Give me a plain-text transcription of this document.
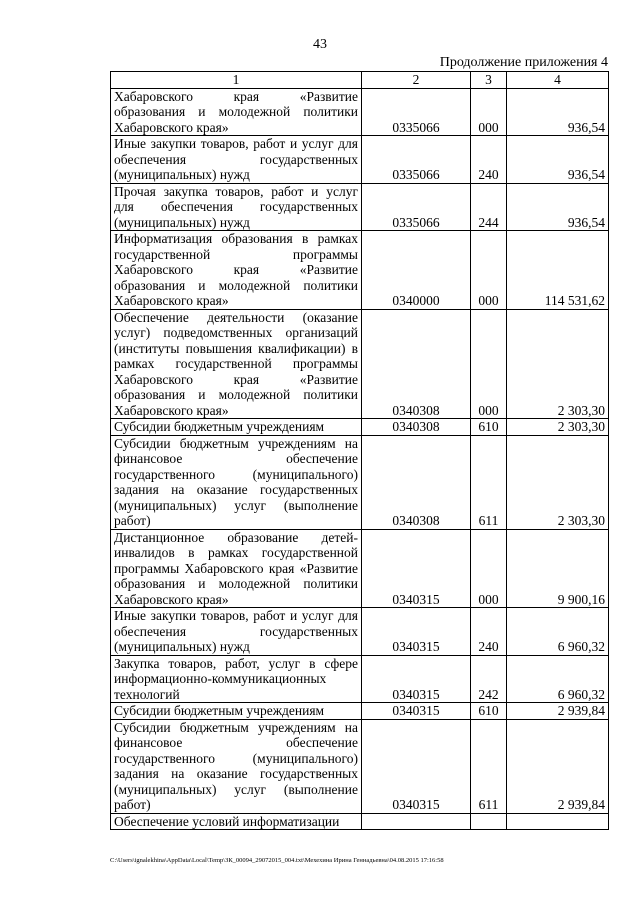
43
Продолжение приложения 4
1	2	3	4
Хабаровского края «Развитие образования и молодежной политики Хабаровского края»	0335066	000	936,54
Иные закупки товаров, работ и услуг для обеспечения государственных (муниципальных) нужд	0335066	240	936,54
Прочая закупка товаров, работ и услуг для обеспечения государственных (муниципальных) нужд	0335066	244	936,54
Информатизация образования в рамках государственной программы Хабаровского края «Развитие образования и молодежной политики Хабаровского края»	0340000	000	114 531,62
Обеспечение деятельности (оказание услуг) подведомственных организаций (институты повышения квалификации) в рамках государственной программы Хабаровского края «Развитие образования и молодежной политики Хабаровского края»	0340308	000	2 303,30
Субсидии бюджетным учреждениям	0340308	610	2 303,30
Субсидии бюджетным учреждениям на финансовое обеспечение государственного (муниципального) задания на оказание государственных (муниципальных) услуг (выполнение работ)	0340308	611	2 303,30
Дистанционное образование детей-инвалидов в рамках государственной программы Хабаровского края «Развитие образования и молодежной политики Хабаровского края»	0340315	000	9 900,16
Иные закупки товаров, работ и услуг для обеспечения государственных (муниципальных) нужд	0340315	240	6 960,32
Закупка товаров, работ, услуг в сфере информационно-коммуникационных технологий	0340315	242	6 960,32
Субсидии бюджетным учреждениям	0340315	610	2 939,84
Субсидии бюджетным учреждениям на финансовое обеспечение государственного (муниципального) задания на оказание государственных (муниципальных) услуг (выполнение работ)	0340315	611	2 939,84
Обеспечение условий информатизации			
C:\Users\ignalekhina\AppData\Local\Temp\ЗК_00094_29072015_004.txt\Мехехина Ирина Геннадьевна\04.08.2015 17:16:58
